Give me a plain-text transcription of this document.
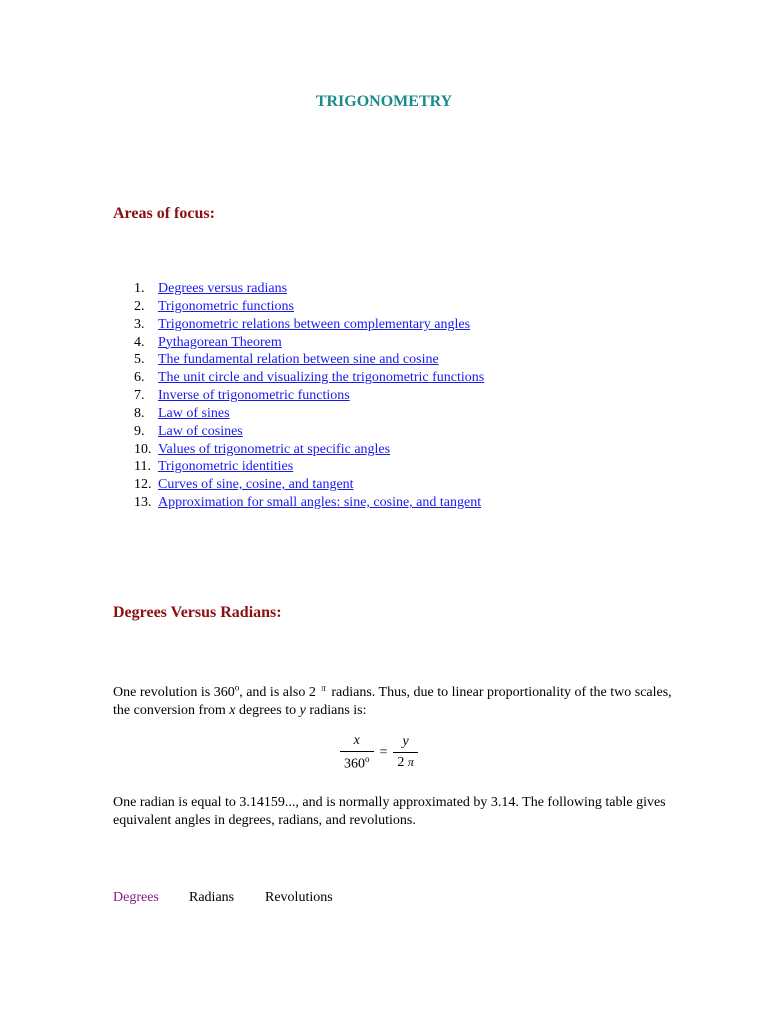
TRIGONOMETRY
Areas of focus:
1. Degrees versus radians
2. Trigonometric functions
3. Trigonometric relations between complementary angles
4. Pythagorean Theorem
5. The fundamental relation between sine and cosine
6. The unit circle and visualizing the trigonometric functions
7. Inverse of trigonometric functions
8. Law of sines
9. Law of cosines
10. Values of trigonometric at specific angles
11. Trigonometric identities
12. Curves of sine, cosine, and tangent
13. Approximation for small angles: sine, cosine, and tangent
Degrees Versus Radians:
One revolution is 360$^o$, and is also 2 $^\pi$ radians. Thus, due to linear proportionality of the two scales, the conversion from x degrees to y radians is:
$\frac{x}{360^o} = \frac{y}{2 \pi}$
One radian is equal to 3.14159..., and is normally approximated by 3.14. The following table gives equivalent angles in degrees, radians, and revolutions.
Degrees Radians Revolutions
